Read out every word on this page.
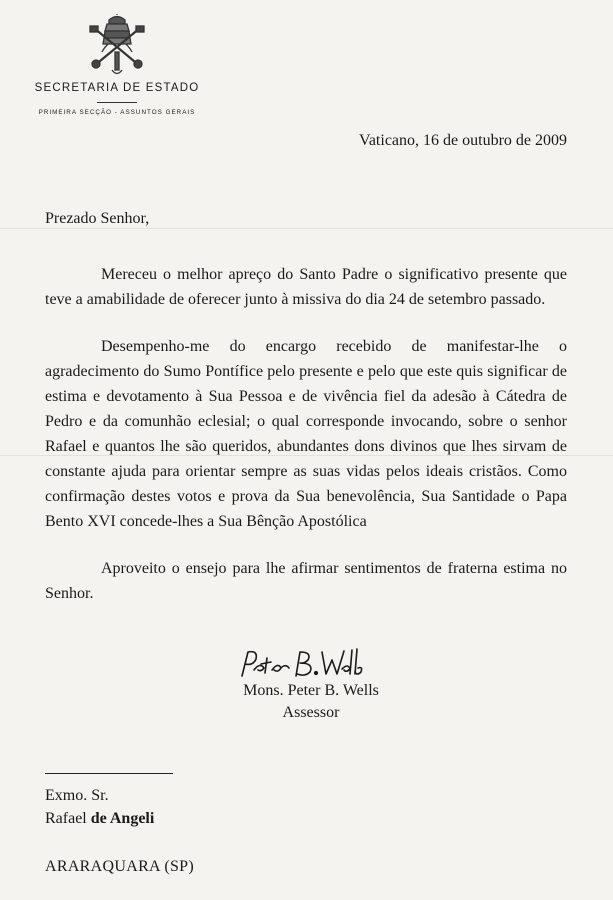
SECRETARIA DE ESTADO
PRIMEIRA SECÇÃO - ASSUNTOS GERAIS
Vaticano, 16 de outubro de 2009
Prezado Senhor,

Mereceu o melhor apreço do Santo Padre o significativo presente que teve a amabilidade de oferecer junto à missiva do dia 24 de setembro passado.

Desempenho-me do encargo recebido de manifestar-lhe o agradecimento do Sumo Pontífice pelo presente e pelo que este quis significar de estima e devotamento à Sua Pessoa e de vivência fiel da adesão à Cátedra de Pedro e da comunhão eclesial; o qual corresponde invocando, sobre o senhor Rafael e quantos lhe são queridos, abundantes dons divinos que lhes sirvam de constante ajuda para orientar sempre as suas vidas pelos ideais cristãos. Como confirmação destes votos e prova da Sua benevolência, Sua Santidade o Papa Bento XVI concede-lhes a Sua Bênção Apostólica

Aproveito o ensejo para lhe afirmar sentimentos de fraterna estima no Senhor.

Mons. Peter B. Wells
Assessor
Exmo. Sr.
Rafael de Angeli
ARARAQUARA (SP)
